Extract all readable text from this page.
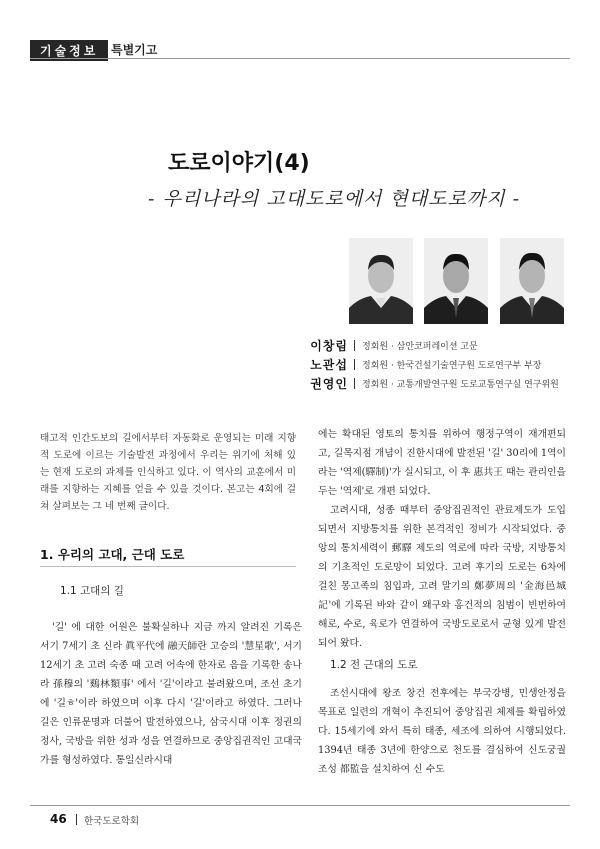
기술정보	특별기고
도로이야기(4)
- 우리나라의 고대도로에서 현대도로까지 -
이창림	정회원 · 삼안코퍼레이션 고문
노관섭	정회원 · 한국건설기술연구원 도로연구부 부장
권영인	정회원 · 교통개발연구원 도로교통연구실 연구위원

태고적 인간도보의 길에서부터 자동화로 운영되는 미래 지향적 도로에 이르는 기술발전 과정에서 우리는 위기에 처해 있는 현재 도로의 과제를 인식하고 있다. 이 역사의 교훈에서 미래를 지향하는 지혜를 얻을 수 있을 것이다. 본고는 4회에 걸쳐 살펴보는 그 네 번째 글이다.

1. 우리의 고대, 근대 도로
1.1 고대의 길

'길' 에 대한 어원은 불확실하나 지금 까지 알려진 기록은 서기 7세기 초 신라 眞平代에 融天師란 고승의 '慧星歌', 서기 12세기 초 고려 숙종 때 고려 어속에 한자로 음을 기록한 송나라 孫穆의 '鷄林類事' 에서 '길'이라고 불려왔으며, 조선 초기에 '길ㅎ'이라 하였으며 이후 다시 '길'이라고 하였다. 그러나 길은 인류문명과 더불어 발전하였으나, 삼국시대 이후 정권의 정사, 국방을 위한 성과 성을 연결하므로 중앙집권적인 고대국가를 형성하였다. 통일신라시대

에는 확대된 영토의 통치를 위하여 행정구역이 재개편되고, 길목지점 개념이 진한시대에 발전된 '길' 30리에 1역이라는 '역제(驛制)'가 실시되고, 이 후 惠共王 때는 관리인을 두는 '역제'로 개편 되었다.

고려시대, 성종 때부터 중앙집권적인 관료제도가 도입되면서 지방통치를 위한 본격적인 정비가 시작되었다. 중앙의 통치세력이 郵驛 제도의 역로에 따라 국방, 지방통치의 기초적인 도로망이 되었다. 고려 후기의 도로는 6차에 걸친 몽고족의 침입과, 고려 말기의 鄭夢周의 '金海邑城記'에 기록된 바와 같이 왜구와 홍건적의 침범이 빈번하여 해로, 수로, 육로가 연결하여 국방도로로서 균형 있게 발전되어 왔다.

1.2 전 근대의 도로

조선시대에 왕조 창건 전후에는 부국강병, 민생안정을 목표로 일련의 개혁이 추진되어 중앙집권 체제를 확립하였다. 15세기에 와서 특히 태종, 세조에 의하여 시행되었다. 1394년 태종 3년에 한양으로 천도를 결심하여 신도궁궐조성 都監을 설치하여 신 수도

46 한국도로학회
